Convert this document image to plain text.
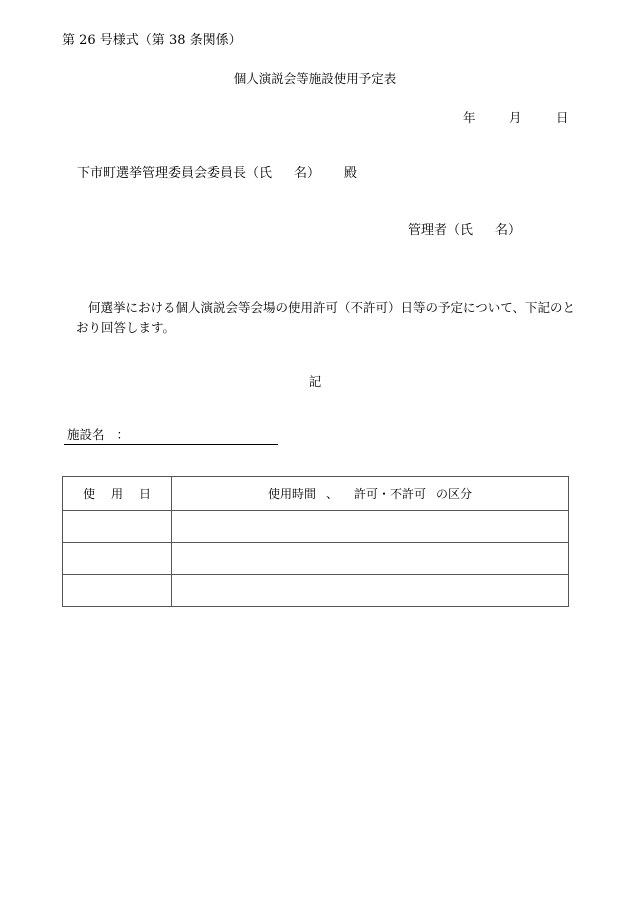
第 26 号様式（第 38 条関係）
個人演説会等施設使用予定表
年	月	日
下市町選挙管理委員会委員長（氏 名） 殿
管理者（氏 名）
何選挙における個人演説会等会場の使用許可（不許可）日等の予定について、下記のとおり回答します。
記
施設名 ：
使 用 日	使用時間 、 許可・不許可 の区分
